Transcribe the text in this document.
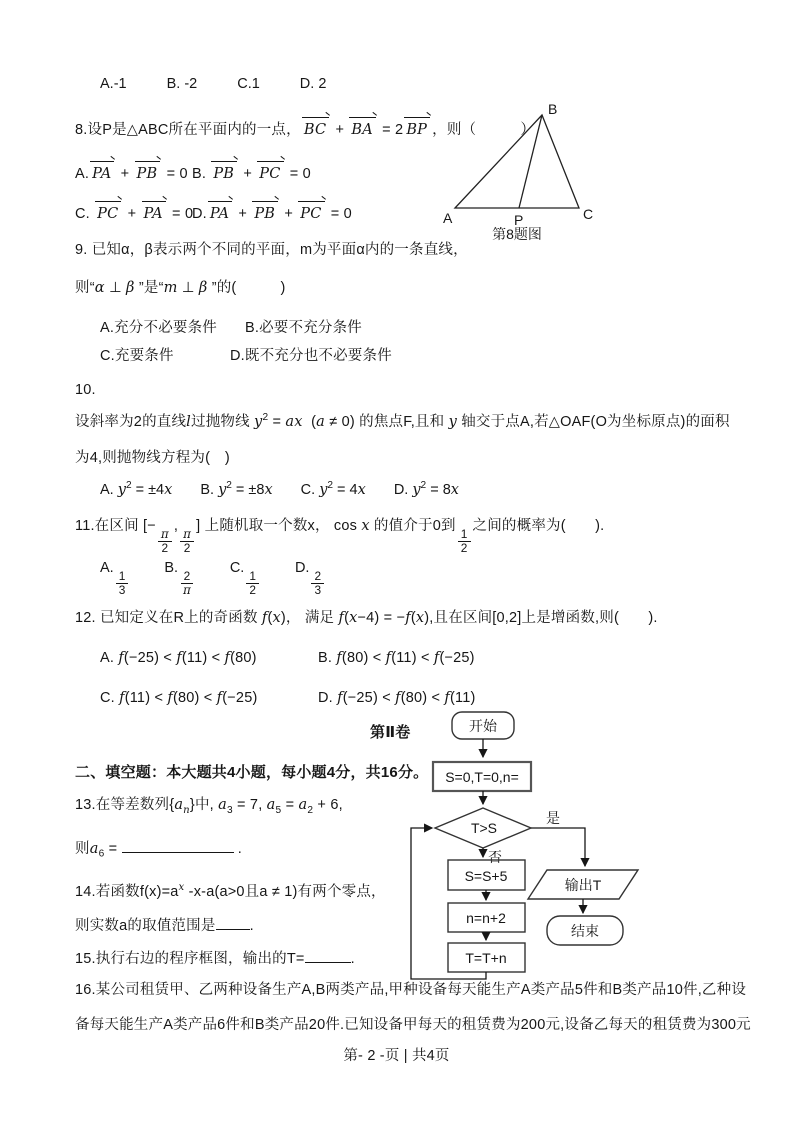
A.-1	B. -2	C.1	D. 2
8.设P是△ABC所在平面内的一点， BC + BA = 2 BP ，则（　　　）
A. PA + PB = 0 B. PB + PC = 0
C. PC + PA = 0
D. PA + PB + PC = 0
B
A	C
P
第8题图
9. 已知α，β表示两个不同的平面，m为平面α内的一条直线，
则“α ⊥ β ”是“m ⊥ β ”的(　　　)
A.充分不必要条件 B.必要不充分条件
C.充要条件	D.既不充分也不必要条件
10.
设斜率为2的直线l过抛物线 $y^2$ = ax  (a ≠ 0) 的焦点F,且和 y 轴交于点A,若△OAF(O为坐标原点)的面积
为4,则抛物线方程为(　)
A. $y^2 = \pm 4x$ B. $y^2 = \pm 8x$ C. $y^2 = 4x$ D. $y^2 = 8x$
11.在区间 [−
$\frac{\pi}{2}$
,
$\frac{\pi}{2}$
] 上随机取一个数x， cos x 的值介于0到
$\frac{1}{2}$
之间的概率为(　　).
A.
$\frac{1}{3}$
B.
$\frac{2}{\pi}$
C.
$\frac{1}{2}$
D.
$\frac{2}{3}$
12. 已知定义在R上的奇函数 f(x)， 满足 f(x−4) = −f(x),且在区间[0,2]上是增函数,则(　　).
A. f(−25) < f(11) < f(80)	B. f(80) < f(11) < f(−25)
C. f(11) < f(80) < f(−25)	D. f(−25) < f(80) < f(11)
第Ⅱ卷
二、填空题：本大题共4小题，每小题4分，共16分。
13.在等差数列$\{a_n\}$中, $a_3 = 7$, $a_5 = a_2 + 6$,
则$a_6$ =	.
14.若函数$f(x)=a^x$ -x-a(a>0且a ≠ 1)有两个零点，
则实数a的取值范围是 .
15.执行右边的程序框图，输出的T=	.
16.某公司租赁甲、乙两种设备生产A,B两类产品,甲种设备每天能生产A类产品5件和B类产品10件,乙种设
备每天能生产A类产品6件和B类产品20件.已知设备甲每天的租赁费为200元,设备乙每天的租赁费为300元
第- 2 -页 | 共4页
开始
S=0,T=0,n=
T>S
是
否
S=S+5
n=n+2
T=T+n
输出T
结束
